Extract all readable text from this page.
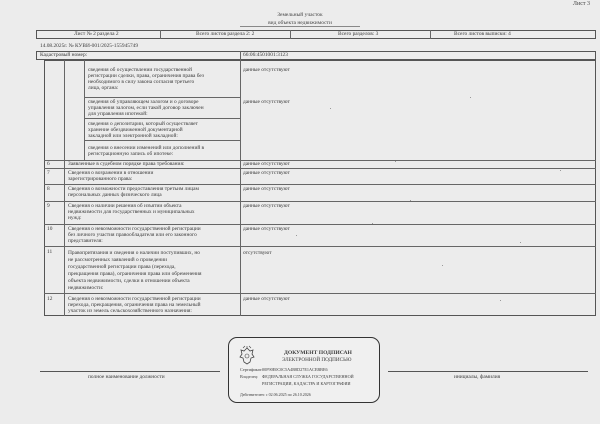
Лист 3
Земельный участок
вид объекта недвижимости
Лист № 2 раздела 2	Всего листов раздела 2: 2	Всего разделов: 3	Всего листов выписки: 4
14.08.2025г. № КУВИ-001/2025-155945749
Кадастровый номер:	66:06:4501001:3123
сведения об осуществлении государственной
регистрации сделки, права, ограничения права без
необходимого в силу закона согласия третьего
лица, органа:
данные отсутствуют
сведения об управляющем залогом и о договоре
управления залогом, если такой договор заключен
для управления ипотекой:
данные отсутствуют
сведения о депозитарии, который осуществляет
хранение обездвиженной документарной
закладной или электронной закладной:
сведения о внесении изменений или дополнений в
регистрационную запись об ипотеке:
6	Заявленные в судебном порядке права требования:	данные отсутствуют
7	Сведения о возражении в отношении
зарегистрированного права:
данные отсутствуют
8	Сведения о возможности предоставления третьим лицам
персональных данных физического лица
данные отсутствуют
9	Сведения о наличии решения об изъятии объекта
недвижимости для государственных и муниципальных
нужд:
данные отсутствуют
10	Сведения о невозможности государственной регистрации
без личного участия правообладателя или его законного
представителя:
данные отсутствуют
11	Правопритязания и сведения о наличии поступивших, но
не рассмотренных заявлений о проведении
государственной регистрации права (перехода,
прекращения права), ограничения права или обременения
объекта недвижимости, сделки в отношении объекта
недвижимости:
отсутствуют
12	Сведения о невозможности государственной регистрации
перехода, прекращения, ограничения права на земельный
участок из земель сельскохозяйственного назначения:
данные отсутствуют
ДОКУМЕНТ ПОДПИСАН
ЭЛЕКТРОННОЙ ПОДПИСЬЮ
Сертификат: 00F90E0C0C5A4B8D27E1ACEBBE6
Владелец: ФЕДЕРАЛЬНАЯ СЛУЖБА ГОСУДАРСТВЕННОЙ
РЕГИСТРАЦИИ, КАДАСТРА И КАРТОГРАФИИ
Действителен: с 02.06.2025 по 26.10.2026
полное наименование должности	инициалы, фамилия
